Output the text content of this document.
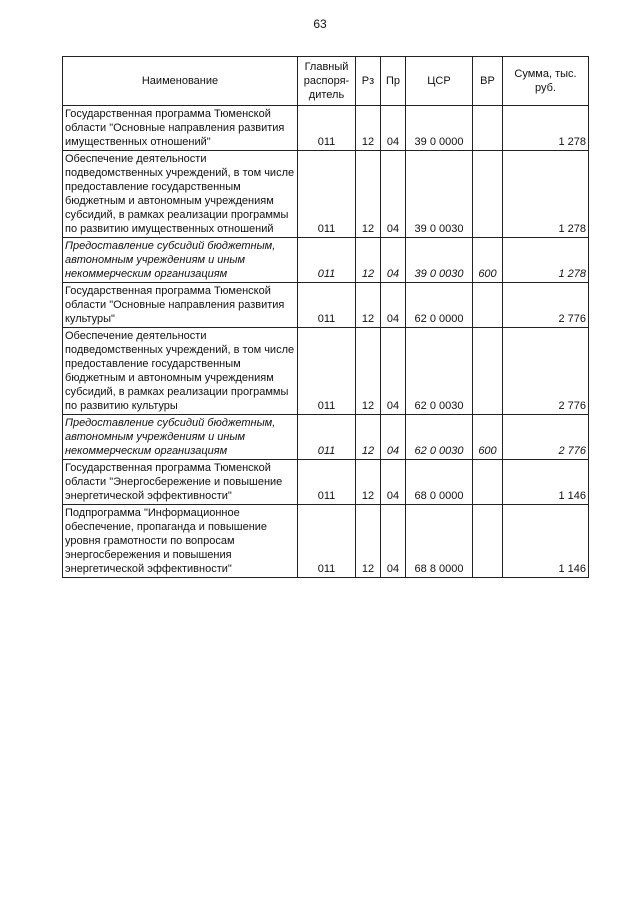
63
Наименование	Главный распоря-дитель	Рз	Пр	ЦСР	ВР	Сумма, тыс. руб.
Государственная программа Тюменской области "Основные направления развития имущественных отношений"	011	12	04	39 0 0000		1 278
Обеспечение деятельности подведомственных учреждений, в том числе предоставление государственным бюджетным и автономным учреждениям субсидий, в рамках реализации программы по развитию имущественных отношений	011	12	04	39 0 0030		1 278
Предоставление субсидий бюджетным, автономным учреждениям и иным некоммерческим организациям	011	12	04	39 0 0030	600	1 278
Государственная программа Тюменской области "Основные направления развития культуры"	011	12	04	62 0 0000		2 776
Обеспечение деятельности подведомственных учреждений, в том числе предоставление государственным бюджетным и автономным учреждениям субсидий, в рамках реализации программы по развитию культуры	011	12	04	62 0 0030		2 776
Предоставление субсидий бюджетным, автономным учреждениям и иным некоммерческим организациям	011	12	04	62 0 0030	600	2 776
Государственная программа Тюменской области "Энергосбережение и повышение энергетической эффективности"	011	12	04	68 0 0000		1 146
Подпрограмма "Информационное обеспечение, пропаганда и повышение уровня грамотности по вопросам энергосбережения и повышения энергетической эффективности"	011	12	04	68 8 0000		1 146
